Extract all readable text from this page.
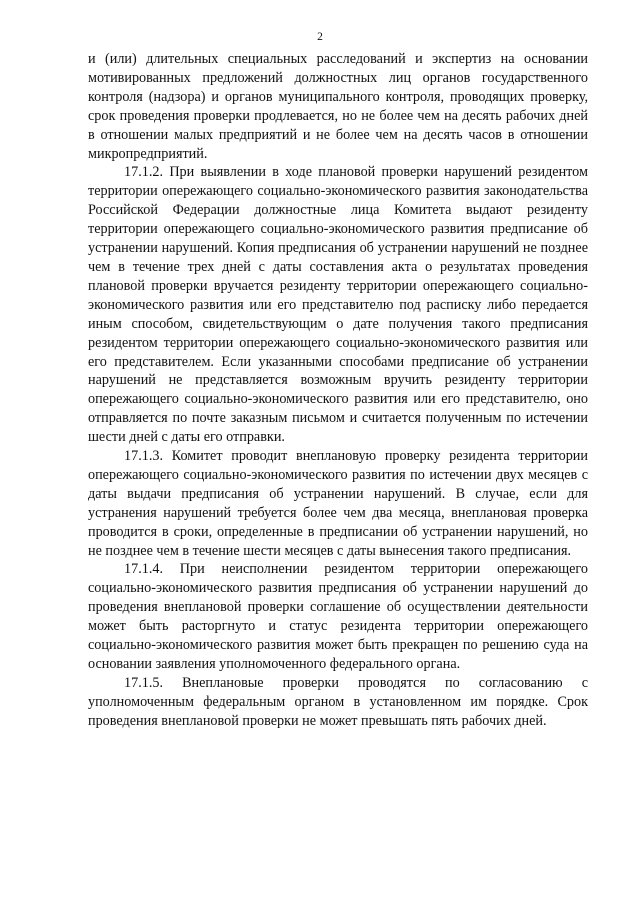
2

и (или) длительных специальных расследований и экспертиз на основании мотивированных предложений должностных лиц органов государственного контроля (надзора) и органов муниципального контроля, проводящих проверку, срок проведения проверки продлевается, но не более чем на десять рабочих дней в отношении малых предприятий и не более чем на десять часов в отношении микропредприятий.

17.1.2. При выявлении в ходе плановой проверки нарушений резидентом территории опережающего социально-экономического развития законодательства Российской Федерации должностные лица Комитета выдают резиденту территории опережающего социально-экономического развития предписание об устранении нарушений. Копия предписания об устранении нарушений не позднее чем в течение трех дней с даты составления акта о результатах проведения плановой проверки вручается резиденту территории опережающего социально-экономического развития или его представителю под расписку либо передается иным способом, свидетельствующим о дате получения такого предписания резидентом территории опережающего социально-экономического развития или его представителем. Если указанными способами предписание об устранении нарушений не представляется возможным вручить резиденту территории опережающего социально-экономического развития или его представителю, оно отправляется по почте заказным письмом и считается полученным по истечении шести дней с даты его отправки.

17.1.3. Комитет проводит внеплановую проверку резидента территории опережающего социально-экономического развития по истечении двух месяцев с даты выдачи предписания об устранении нарушений. В случае, если для устранения нарушений требуется более чем два месяца, внеплановая проверка проводится в сроки, определенные в предписании об устранении нарушений, но не позднее чем в течение шести месяцев с даты вынесения такого предписания.

17.1.4. При неисполнении резидентом территории опережающего социально-экономического развития предписания об устранении нарушений до проведения внеплановой проверки соглашение об осуществлении деятельности может быть расторгнуто и статус резидента территории опережающего социально-экономического развития может быть прекращен по решению суда на основании заявления уполномоченного федерального органа.

17.1.5. Внеплановые проверки проводятся по согласованию с уполномоченным федеральным органом в установленном им порядке. Срок проведения внеплановой проверки не может превышать пять рабочих дней.
